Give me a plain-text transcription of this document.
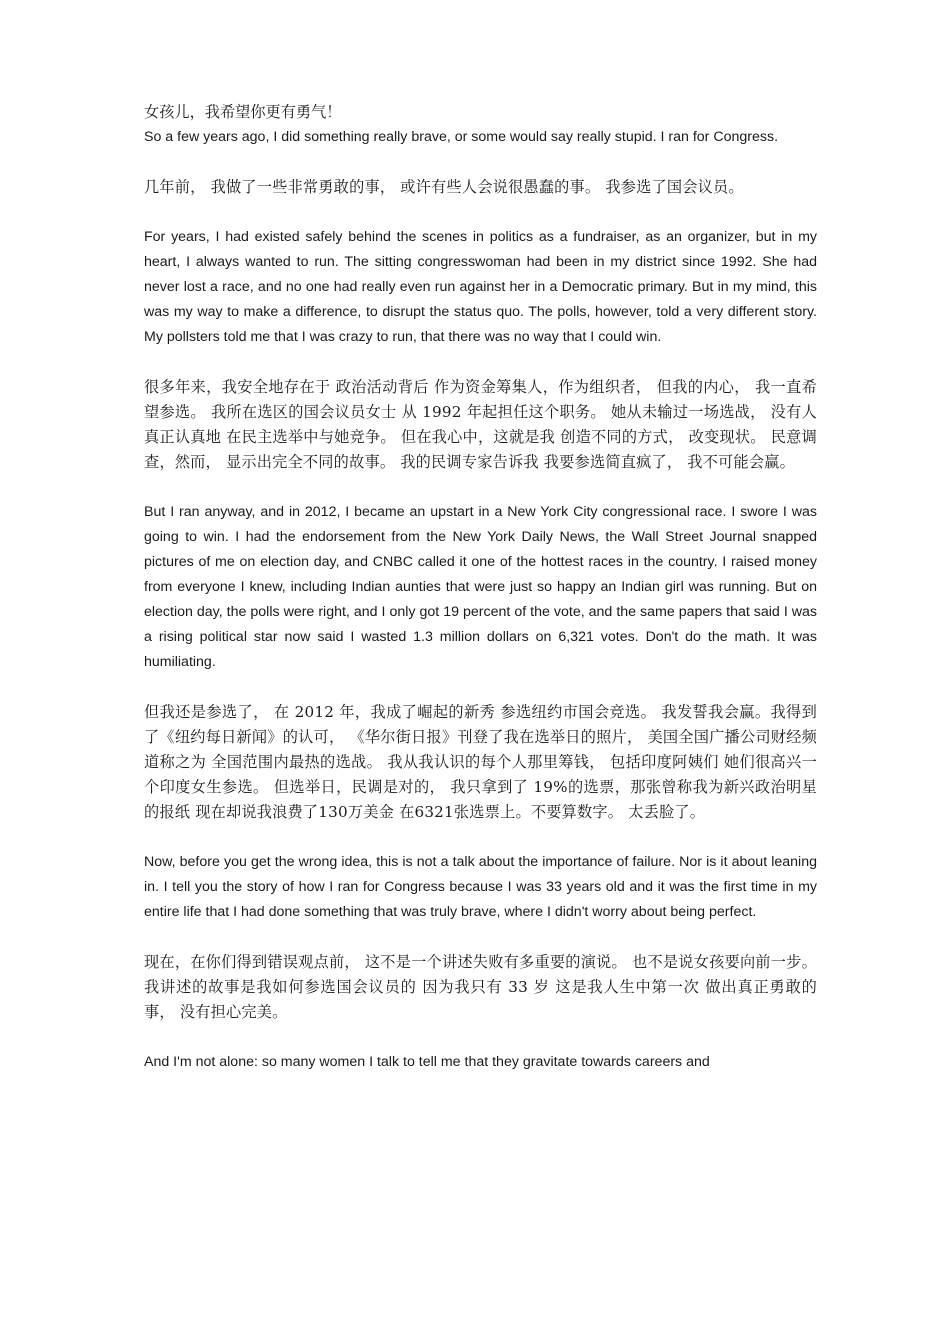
女孩儿，我希望你更有勇气！

So a few years ago, I did something really brave, or some would say really stupid. I ran for Congress.

几年前， 我做了一些非常勇敢的事， 或许有些人会说很愚蠢的事。 我参选了国会议员。

For years, I had existed safely behind the scenes in politics as a fundraiser, as an organizer, but in my heart, I always wanted to run. The sitting congresswoman had been in my district since 1992. She had never lost a race, and no one had really even run against her in a Democratic primary. But in my mind, this was my way to make a difference, to disrupt the status quo. The polls, however, told a very different story. My pollsters told me that I was crazy to run, that there was no way that I could win.

很多年来，我安全地存在于 政治活动背后 作为资金筹集人，作为组织者， 但我的内心， 我一直希望参选。 我所在选区的国会议员女士 从 1992 年起担任这个职务。 她从未输过一场选战， 没有人真正认真地 在民主选举中与她竞争。 但在我心中，这就是我 创造不同的方式， 改变现状。 民意调查，然而， 显示出完全不同的故事。 我的民调专家告诉我 我要参选简直疯了， 我不可能会赢。

But I ran anyway, and in 2012, I became an upstart in a New York City congressional race. I swore I was going to win. I had the endorsement from the New York Daily News, the Wall Street Journal snapped pictures of me on election day, and CNBC called it one of the hottest races in the country. I raised money from everyone I knew, including Indian aunties that were just so happy an Indian girl was running. But on election day, the polls were right, and I only got 19 percent of the vote, and the same papers that said I was a rising political star now said I wasted 1.3 million dollars on 6,321 votes. Don't do the math. It was humiliating.

但我还是参选了， 在 2012 年，我成了崛起的新秀 参选纽约市国会竞选。 我发誓我会赢。我得到了《纽约每日新闻》的认可， 《华尔街日报》刊登了我在选举日的照片， 美国全国广播公司财经频道称之为 全国范围内最热的选战。 我从我认识的每个人那里筹钱， 包括印度阿姨们 她们很高兴一个印度女生参选。 但选举日，民调是对的， 我只拿到了 19%的选票，那张曾称我为新兴政治明星的报纸 现在却说我浪费了130万美金 在6321张选票上。不要算数字。 太丢脸了。

Now, before you get the wrong idea, this is not a talk about the importance of failure. Nor is it about leaning in. I tell you the story of how I ran for Congress because I was 33 years old and it was the first time in my entire life that I had done something that was truly brave, where I didn't worry about being perfect.

现在，在你们得到错误观点前， 这不是一个讲述失败有多重要的演说。 也不是说女孩要向前一步。我讲述的故事是我如何参选国会议员的 因为我只有 33 岁 这是我人生中第一次 做出真正勇敢的事， 没有担心完美。

And I'm not alone: so many women I talk to tell me that they gravitate towards careers and
